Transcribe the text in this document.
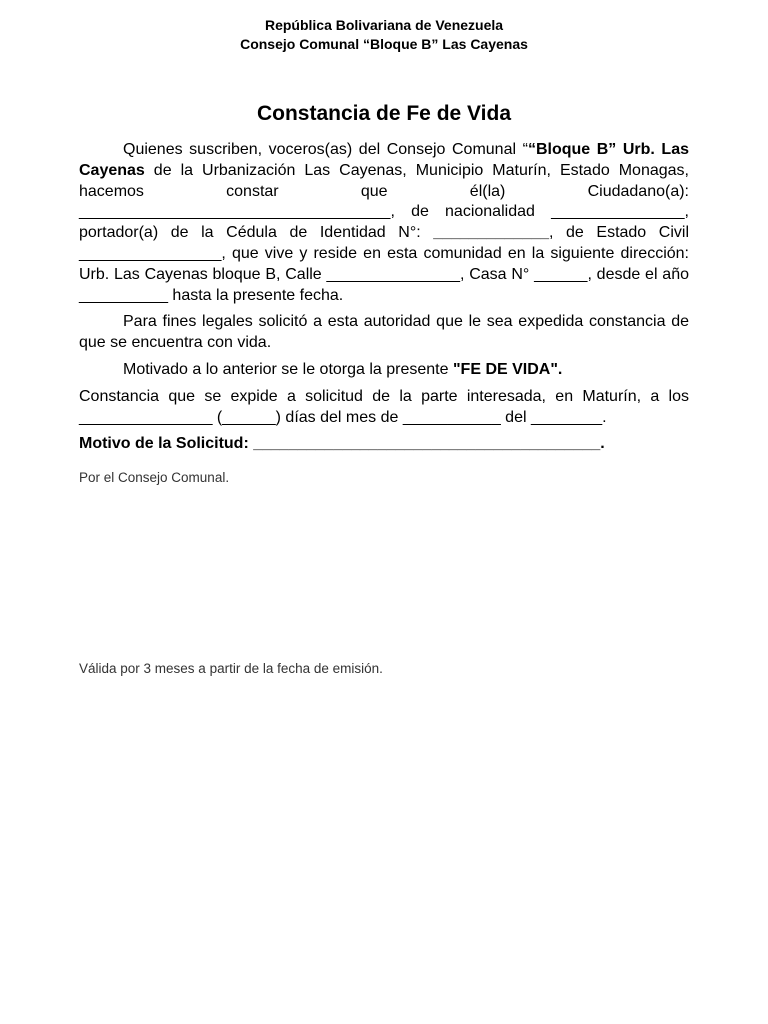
República Bolivariana de Venezuela
Consejo Comunal “Bloque B” Las Cayenas
Constancia de Fe de Vida

Quienes suscriben, voceros(as) del Consejo Comunal ““Bloque B” Urb. Las Cayenas de la Urbanización Las Cayenas, Municipio Maturín, Estado Monagas, hacemos constar que él(la) Ciudadano(a): ___________________________________, de nacionalidad _______________, portador(a) de la Cédula de Identidad N°: _____________, de Estado Civil ________________, que vive y reside en esta comunidad en la siguiente dirección: Urb. Las Cayenas bloque B, Calle _______________, Casa N° ______, desde el año __________ hasta la presente fecha.

Para fines legales solicitó a esta autoridad que le sea expedida constancia de que se encuentra con vida.

Motivado a lo anterior se le otorga la presente "FE DE VIDA".

Constancia que se expide a solicitud de la parte interesada, en Maturín, a los _______________ (______) días del mes de ___________ del ________.

Motivo de la Solicitud: _______________________________________.

Por el Consejo Comunal.
Válida por 3 meses a partir de la fecha de emisión.
